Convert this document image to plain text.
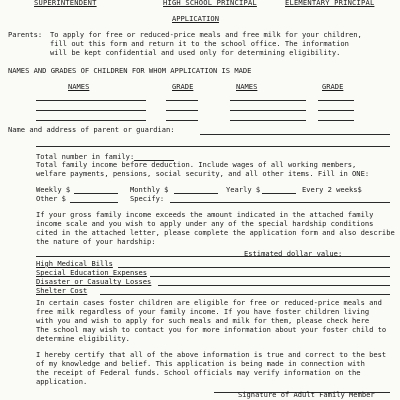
SUPERINTENDENT	HIGH SCHOOL PRINCIPAL	ELEMENTARY PRINCIPAL
APPLICATION
Parents: To apply for free or reduced-price meals and free milk for your children,
fill out this form and return it to the school office. The information
will be kept confidential and used only for determining eligibility.
NAMES AND GRADES OF CHILDREN FOR WHOM APPLICATION IS MADE
NAMES	GRADE	NAMES	GRADE
Name and address of parent or guardian:
Total number in family:
Total family income before deduction. Include wages of all working members,
welfare payments, pensions, social security, and all other items. Fill in ONE:
Weekly $	Monthly $	Yearly $	Every 2 weeks$
Other $	Specify:
If your gross family income exceeds the amount indicated in the attached family
income scale and you wish to apply under any of the special hardship conditions
cited in the attached letter, please complete the application form and also describe
the nature of your hardship:
Estimated dollar value:
High Medical Bills
Special Education Expenses
Disaster or Casualty Losses
Shelter Cost
In certain cases foster children are eligible for free or reduced-price meals and
free milk regardless of your family income. If you have foster children living
with you and wish to apply for such meals and milk for them, please check here
The school may wish to contact you for more information about your foster child to
determine eligibility.
I hereby certify that all of the above information is true and correct to the best
of my knowledge and belief. This application is being made in connection with
the receipt of Federal funds. School officials may verify information on the
application.
Signature of Adult Family Member
